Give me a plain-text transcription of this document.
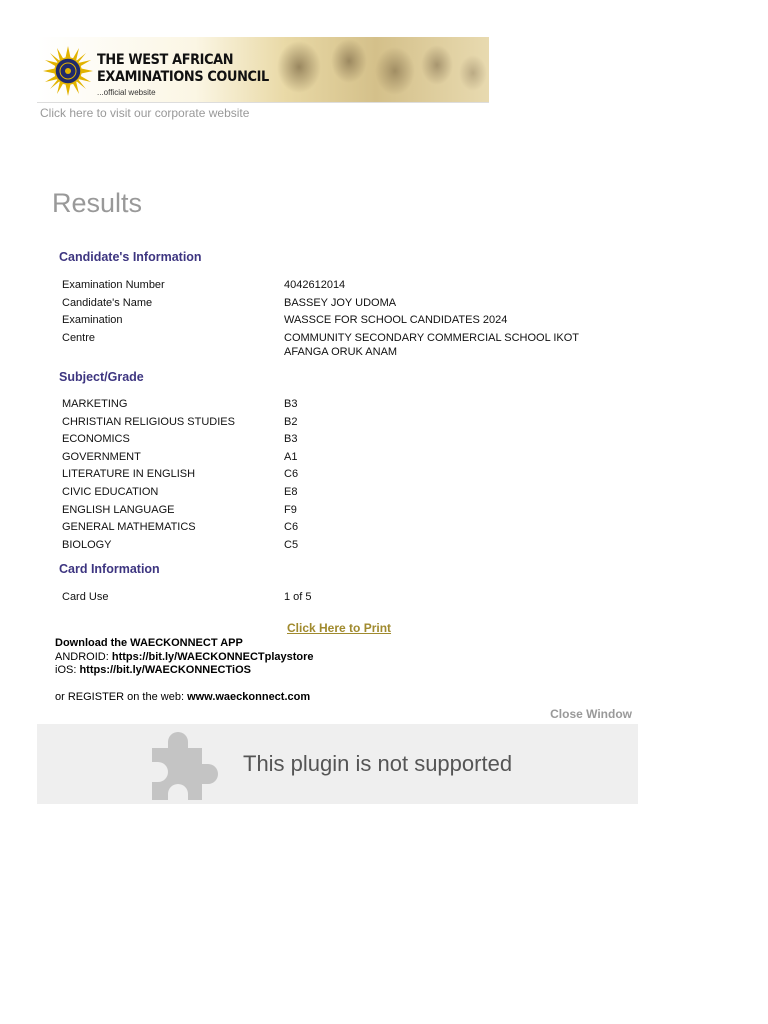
THE WEST AFRICAN
EXAMINATIONS COUNCIL
...official website
Click here to visit our corporate website
Results
Candidate's Information
Examination Number	4042612014
Candidate's Name	BASSEY JOY UDOMA
Examination	WASSCE FOR SCHOOL CANDIDATES 2024
Centre	COMMUNITY SECONDARY COMMERCIAL SCHOOL IKOT AFANGA ORUK ANAM
Subject/Grade
MARKETING	B3
CHRISTIAN RELIGIOUS STUDIES	B2
ECONOMICS	B3
GOVERNMENT	A1
LITERATURE IN ENGLISH	C6
CIVIC EDUCATION	E8
ENGLISH LANGUAGE	F9
GENERAL MATHEMATICS	C6
BIOLOGY	C5
Card Information
Card Use	1 of 5
Click Here to Print
Download the WAECKONNECT APP
ANDROID: https://bit.ly/WAECKONNECTplaystore
iOS: https://bit.ly/WAECKONNECTiOS
or REGISTER on the web: www.waeckonnect.com
Close Window
This plugin is not supported
